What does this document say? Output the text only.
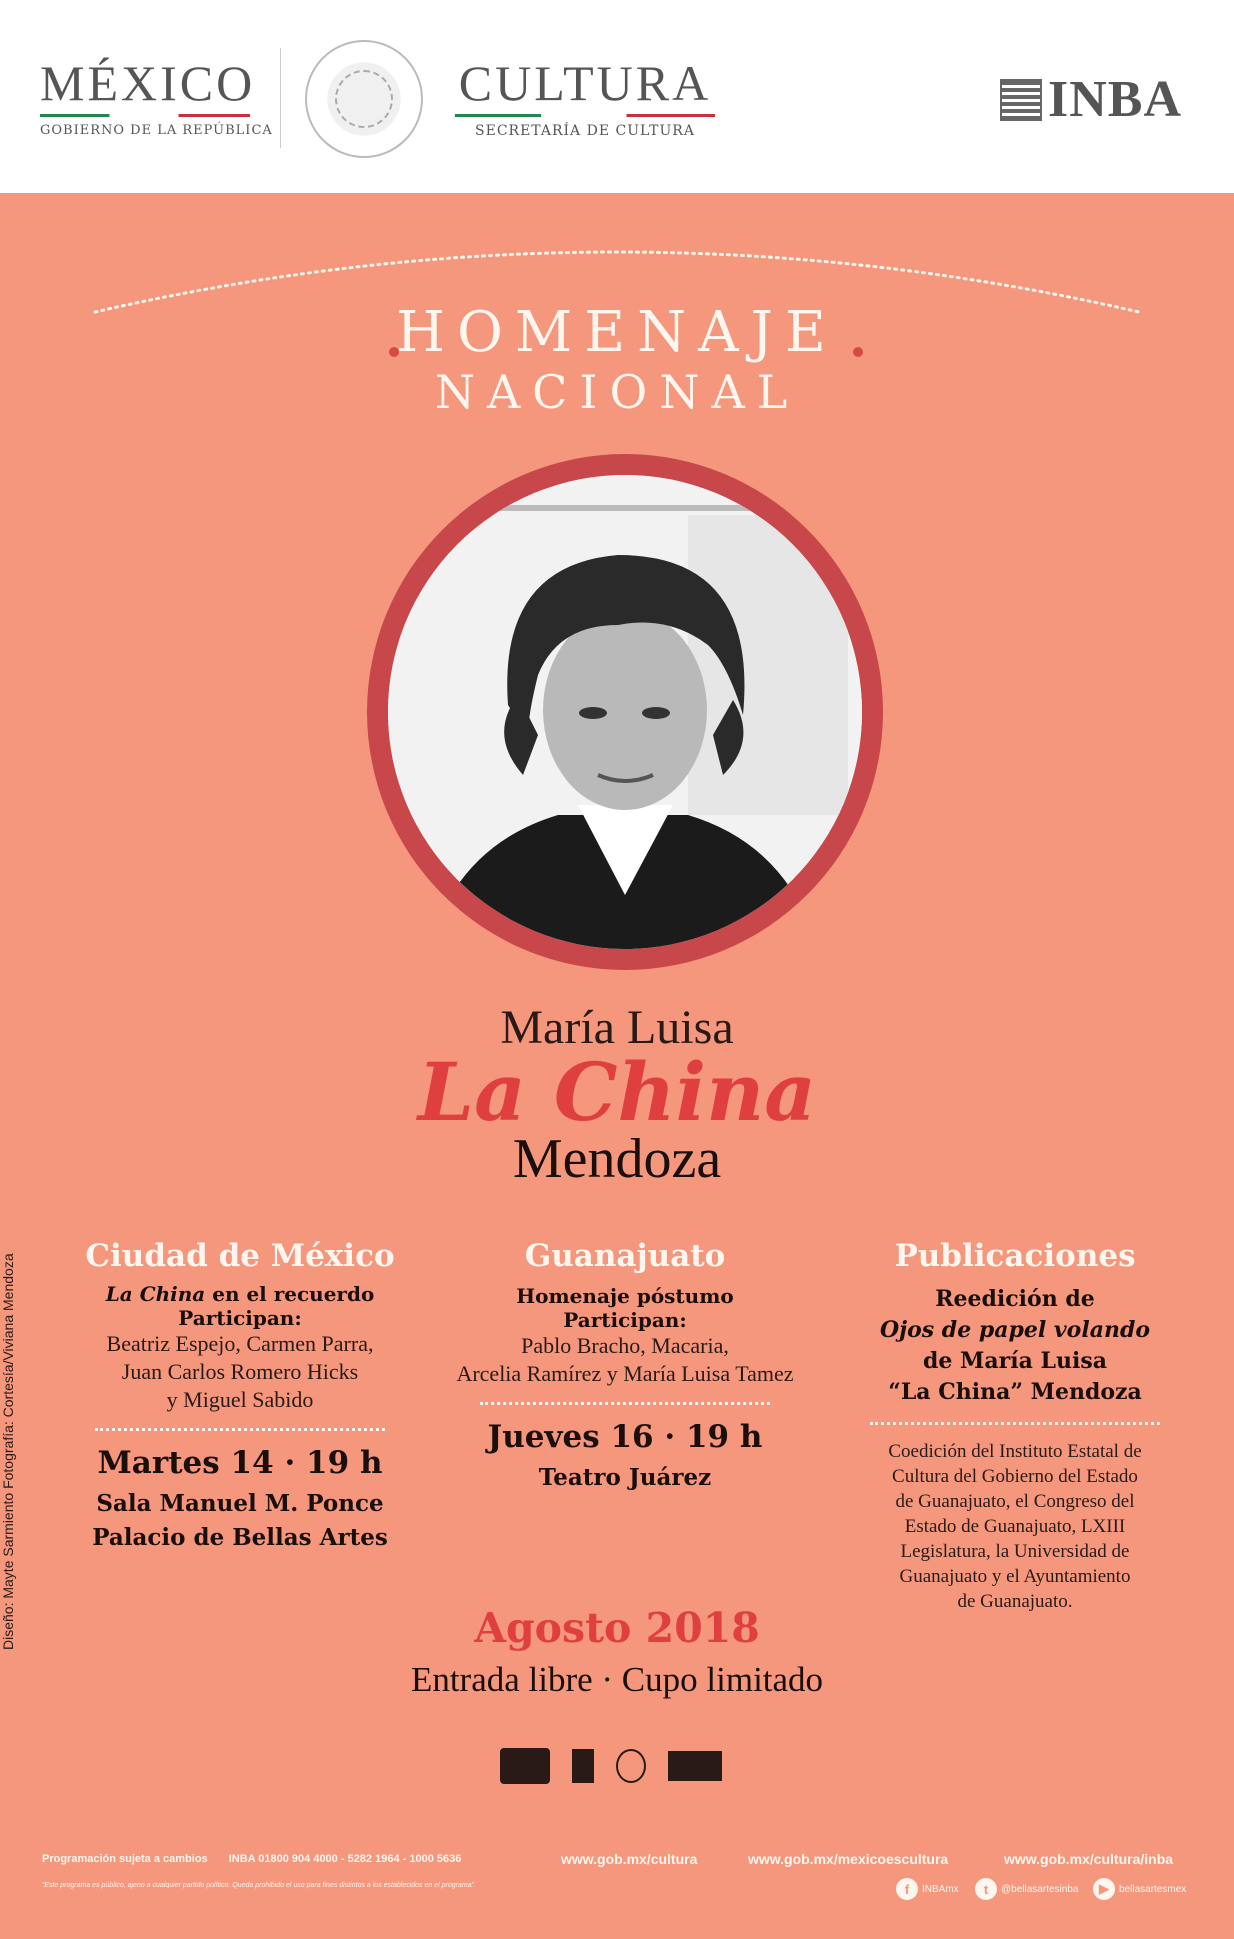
MÉXICO
GOBIERNO DE LA REPÚBLICA
CULTURA
SECRETARÍA DE CULTURA
INBA
HOMENAJE
NACIONAL
María Luisa
La China
Mendoza
Diseño: Mayte Sarmiento Fotografía: Cortesía/Viviana Mendoza	Ciudad de México
La China en el recuerdo
Participan:
Beatriz Espejo, Carmen Parra,
Juan Carlos Romero Hicks
y Miguel Sabido
Martes 14 · 19 h
Sala Manuel M. Ponce
Palacio de Bellas Artes
Guanajuato
Homenaje póstumo
Participan:
Pablo Bracho, Macaria,
Arcelia Ramírez y María Luisa Tamez
Jueves 16 · 19 h
Teatro Juárez
Publicaciones
Reedición de
Ojos de papel volando
de María Luisa
“La China” Mendoza
Coedición del Instituto Estatal de
Cultura del Gobierno del Estado
de Guanajuato, el Congreso del
Estado de Guanajuato, LXIII
Legislatura, la Universidad de
Guanajuato y el Ayuntamiento
de Guanajuato.
Agosto 2018
Entrada libre · Cupo limitado
Programación sujeta a cambios INBA 01800 904 4000 - 5282 1964 - 1000 5636
“Este programa es público, ajeno a cualquier partido político. Queda prohibido el uso para fines distintos a los establecidos en el programa”.
www.gob.mx/cultura	www.gob.mx/mexicoescultura	www.gob.mx/cultura/inba
f	INBAmx	t	@bellasartesinba	▶	bellasartesmex
